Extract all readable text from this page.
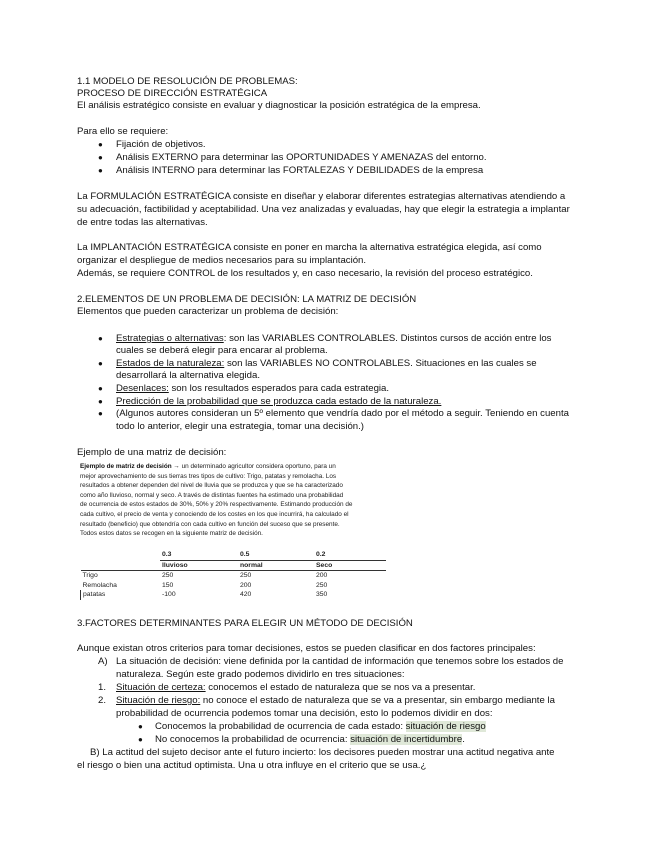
1.1 MODELO DE RESOLUCIÓN DE PROBLEMAS:
PROCESO DE DIRECCIÓN ESTRATÉGICA
El análisis estratégico consiste en evaluar y diagnosticar la posición estratégica de la empresa.
Para ello se requiere:
● Fijación de objetivos.
● Análisis EXTERNO para determinar las OPORTUNIDADES Y AMENAZAS del entorno.
● Análisis INTERNO para determinar las FORTALEZAS Y DEBILIDADES de la empresa
La FORMULACIÓN ESTRATÉGICA consiste en diseñar y elaborar diferentes estrategias alternativas atendiendo a
su adecuación, factibilidad y aceptabilidad. Una vez analizadas y evaluadas, hay que elegir la estrategia a implantar
de entre todas las alternativas.
La IMPLANTACIÓN ESTRATÉGICA consiste en poner en marcha la alternativa estratégica elegida, así como
organizar el despliegue de medios necesarios para su implantación.
Además, se requiere CONTROL de los resultados y, en caso necesario, la revisión del proceso estratégico.
2.ELEMENTOS DE UN PROBLEMA DE DECISIÓN: LA MATRIZ DE DECISIÓN
Elementos que pueden caracterizar un problema de decisión:
● Estrategias o alternativas: son las VARIABLES CONTROLABLES. Distintos cursos de acción entre los
cuales se deberá elegir para encarar al problema.
● Estados de la naturaleza: son las VARIABLES NO CONTROLABLES. Situaciones en las cuales se
desarrollará la alternativa elegida.
● Desenlaces: son los resultados esperados para cada estrategia.
● Predicción de la probabilidad que se produzca cada estado de la naturaleza.
● (Algunos autores consideran un 5º elemento que vendría dado por el método a seguir. Teniendo en cuenta
todo lo anterior, elegir una estrategia, tomar una decisión.)
Ejemplo de una matriz de decisión:
Ejemplo de matriz de decisión → un determinado agricultor considera oportuno, para un
mejor aprovechamiento de sus tierras tres tipos de cultivo: Trigo, patatas y remolacha. Los
resultados a obtener dependen del nivel de lluvia que se produzca y que se ha caracterizado
como año lluvioso, normal y seco. A través de distintas fuentes ha estimado una probabilidad
de ocurrencia de estos estados de 30%, 50% y 20% respectivamente. Estimando producción de
cada cultivo, el precio de venta y conociendo de los costes en los que incurrirá, ha calculado el
resultado (beneficio) que obtendría con cada cultivo en función del suceso que se presente.
Todos estos datos se recogen en la siguiente matriz de decisión.
	0.3	0.5	0.2
	lluvioso	normal	Seco
Trigo	250	250	200
Remolacha	150	200	250
patatas	-100	420	350
3.FACTORES DETERMINANTES PARA ELEGIR UN MÉTODO DE DECISIÓN
Aunque existan otros criterios para tomar decisiones, estos se pueden clasificar en dos factores principales:
A) La situación de decisión: viene definida por la cantidad de información que tenemos sobre los estados de
naturaleza. Según este grado podemos dividirlo en tres situaciones:
1. Situación de certeza: conocemos el estado de naturaleza que se nos va a presentar.
2. Situación de riesgo: no conoce el estado de naturaleza que se va a presentar, sin embargo mediante la
probabilidad de ocurrencia podemos tomar una decisión, esto lo podemos dividir en dos:
● Conocemos la probabilidad de ocurrencia de cada estado: situación de riesgo
● No conocemos la probabilidad de ocurrencia: situación de incertidumbre.
B) La actitud del sujeto decisor ante el futuro incierto: los decisores pueden mostrar una actitud negativa ante
el riesgo o bien una actitud optimista. Una u otra influye en el criterio que se usa.¿
